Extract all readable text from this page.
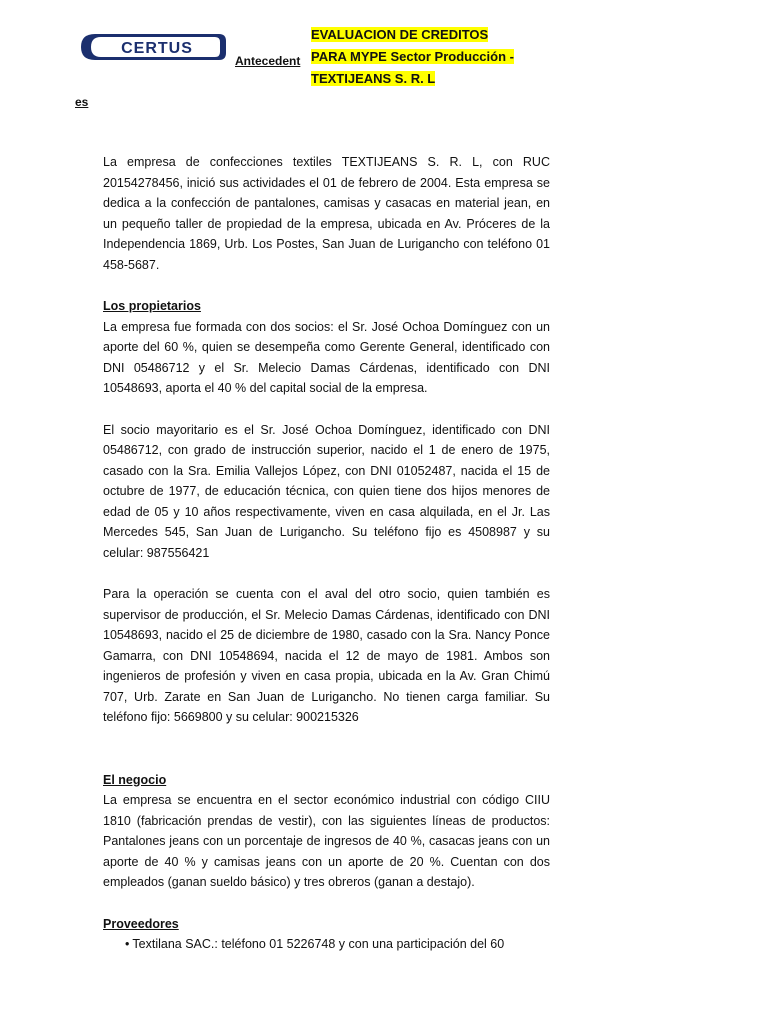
CERTUS
Antecedent
es
EVALUACION DE CREDITOS
PARA MYPE Sector Producción -
TEXTIJEANS S. R. L

La empresa de confecciones textiles TEXTIJEANS S. R. L, con RUC 20154278456, inició sus actividades el 01 de febrero de 2004. Esta empresa se dedica a la confección de pantalones, camisas y casacas en material jean, en un pequeño taller de propiedad de la empresa, ubicada en Av. Próceres de la Independencia 1869, Urb. Los Postes, San Juan de Lurigancho con teléfono 01 458-5687.

Los propietarios

La empresa fue formada con dos socios: el Sr. José Ochoa Domínguez con un aporte del 60 %, quien se desempeña como Gerente General, identificado con DNI 05486712 y el Sr. Melecio Damas Cárdenas, identificado con DNI 10548693, aporta el 40 % del capital social de la empresa.

El socio mayoritario es el Sr. José Ochoa Domínguez, identificado con DNI 05486712, con grado de instrucción superior, nacido el 1 de enero de 1975, casado con la Sra. Emilia Vallejos López, con DNI 01052487, nacida el 15 de octubre de 1977, de educación técnica, con quien tiene dos hijos menores de edad de 05 y 10 años respectivamente, viven en casa alquilada, en el Jr. Las Mercedes 545, San Juan de Lurigancho. Su teléfono fijo es 4508987 y su celular: 987556421

Para la operación se cuenta con el aval del otro socio, quien también es supervisor de producción, el Sr. Melecio Damas Cárdenas, identificado con DNI 10548693, nacido el 25 de diciembre de 1980, casado con la Sra. Nancy Ponce Gamarra, con DNI 10548694, nacida el 12 de mayo de 1981. Ambos son ingenieros de profesión y viven en casa propia, ubicada en la Av. Gran Chimú 707, Urb. Zarate en San Juan de Lurigancho. No tienen carga familiar. Su teléfono fijo: 5669800 y su celular: 900215326

El negocio

La empresa se encuentra en el sector económico industrial con código CIIU 1810 (fabricación prendas de vestir), con las siguientes líneas de productos: Pantalones jeans con un porcentaje de ingresos de 40 %, casacas jeans con un aporte de 40 % y camisas jeans con un aporte de 20 %. Cuentan con dos empleados (ganan sueldo básico) y tres obreros (ganan a destajo).

Proveedores
• Textilana SAC.: teléfono 01 5226748 y con una participación del 60
